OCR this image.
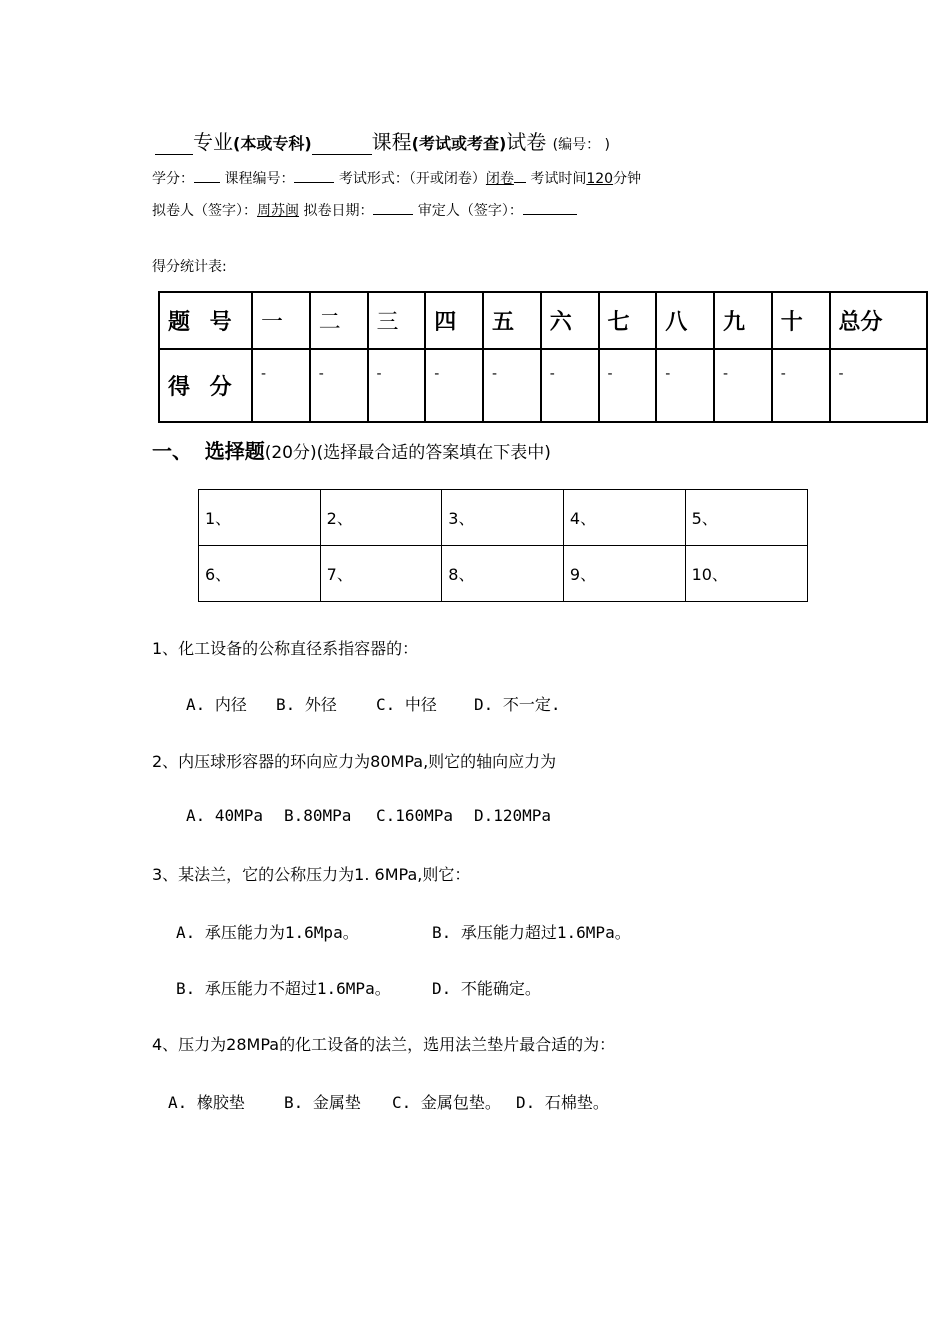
专业(本或专科)	课程(考试或考查)试卷 (编号： )
学分： 课程编号：	考试形式：（开或闭卷）闭卷 考试时间120分钟
拟卷人（签字）：周苏闽 拟卷日期：	审定人（签字）：
得分统计表:
题 号	一	二	三	四	五	六	七	八	九	十	总分
得 分	-	-	-	-	-	-	-	-	-	-	-
一、 选择题(20分)(选择最合适的答案填在下表中)
1、	2、	3、	4、	5、
6、	7、	8、	9、	10、
1、化工设备的公称直径系指容器的：
A. 内径 B. 外径 C. 中径 D. 不一定.
2、内压球形容器的环向应力为80MPa,则它的轴向应力为
A. 40MPa B.80MPa C.160MPa D.120MPa
3、某法兰，它的公称压力为1. 6MPa,则它：
A. 承压能力为1.6Mpa。	B. 承压能力超过1.6MPa。
B. 承压能力不超过1.6MPa。	D. 不能确定。
4、压力为28MPa的化工设备的法兰，选用法兰垫片最合适的为：
A. 橡胶垫 B. 金属垫 C. 金属包垫。 D. 石棉垫。
